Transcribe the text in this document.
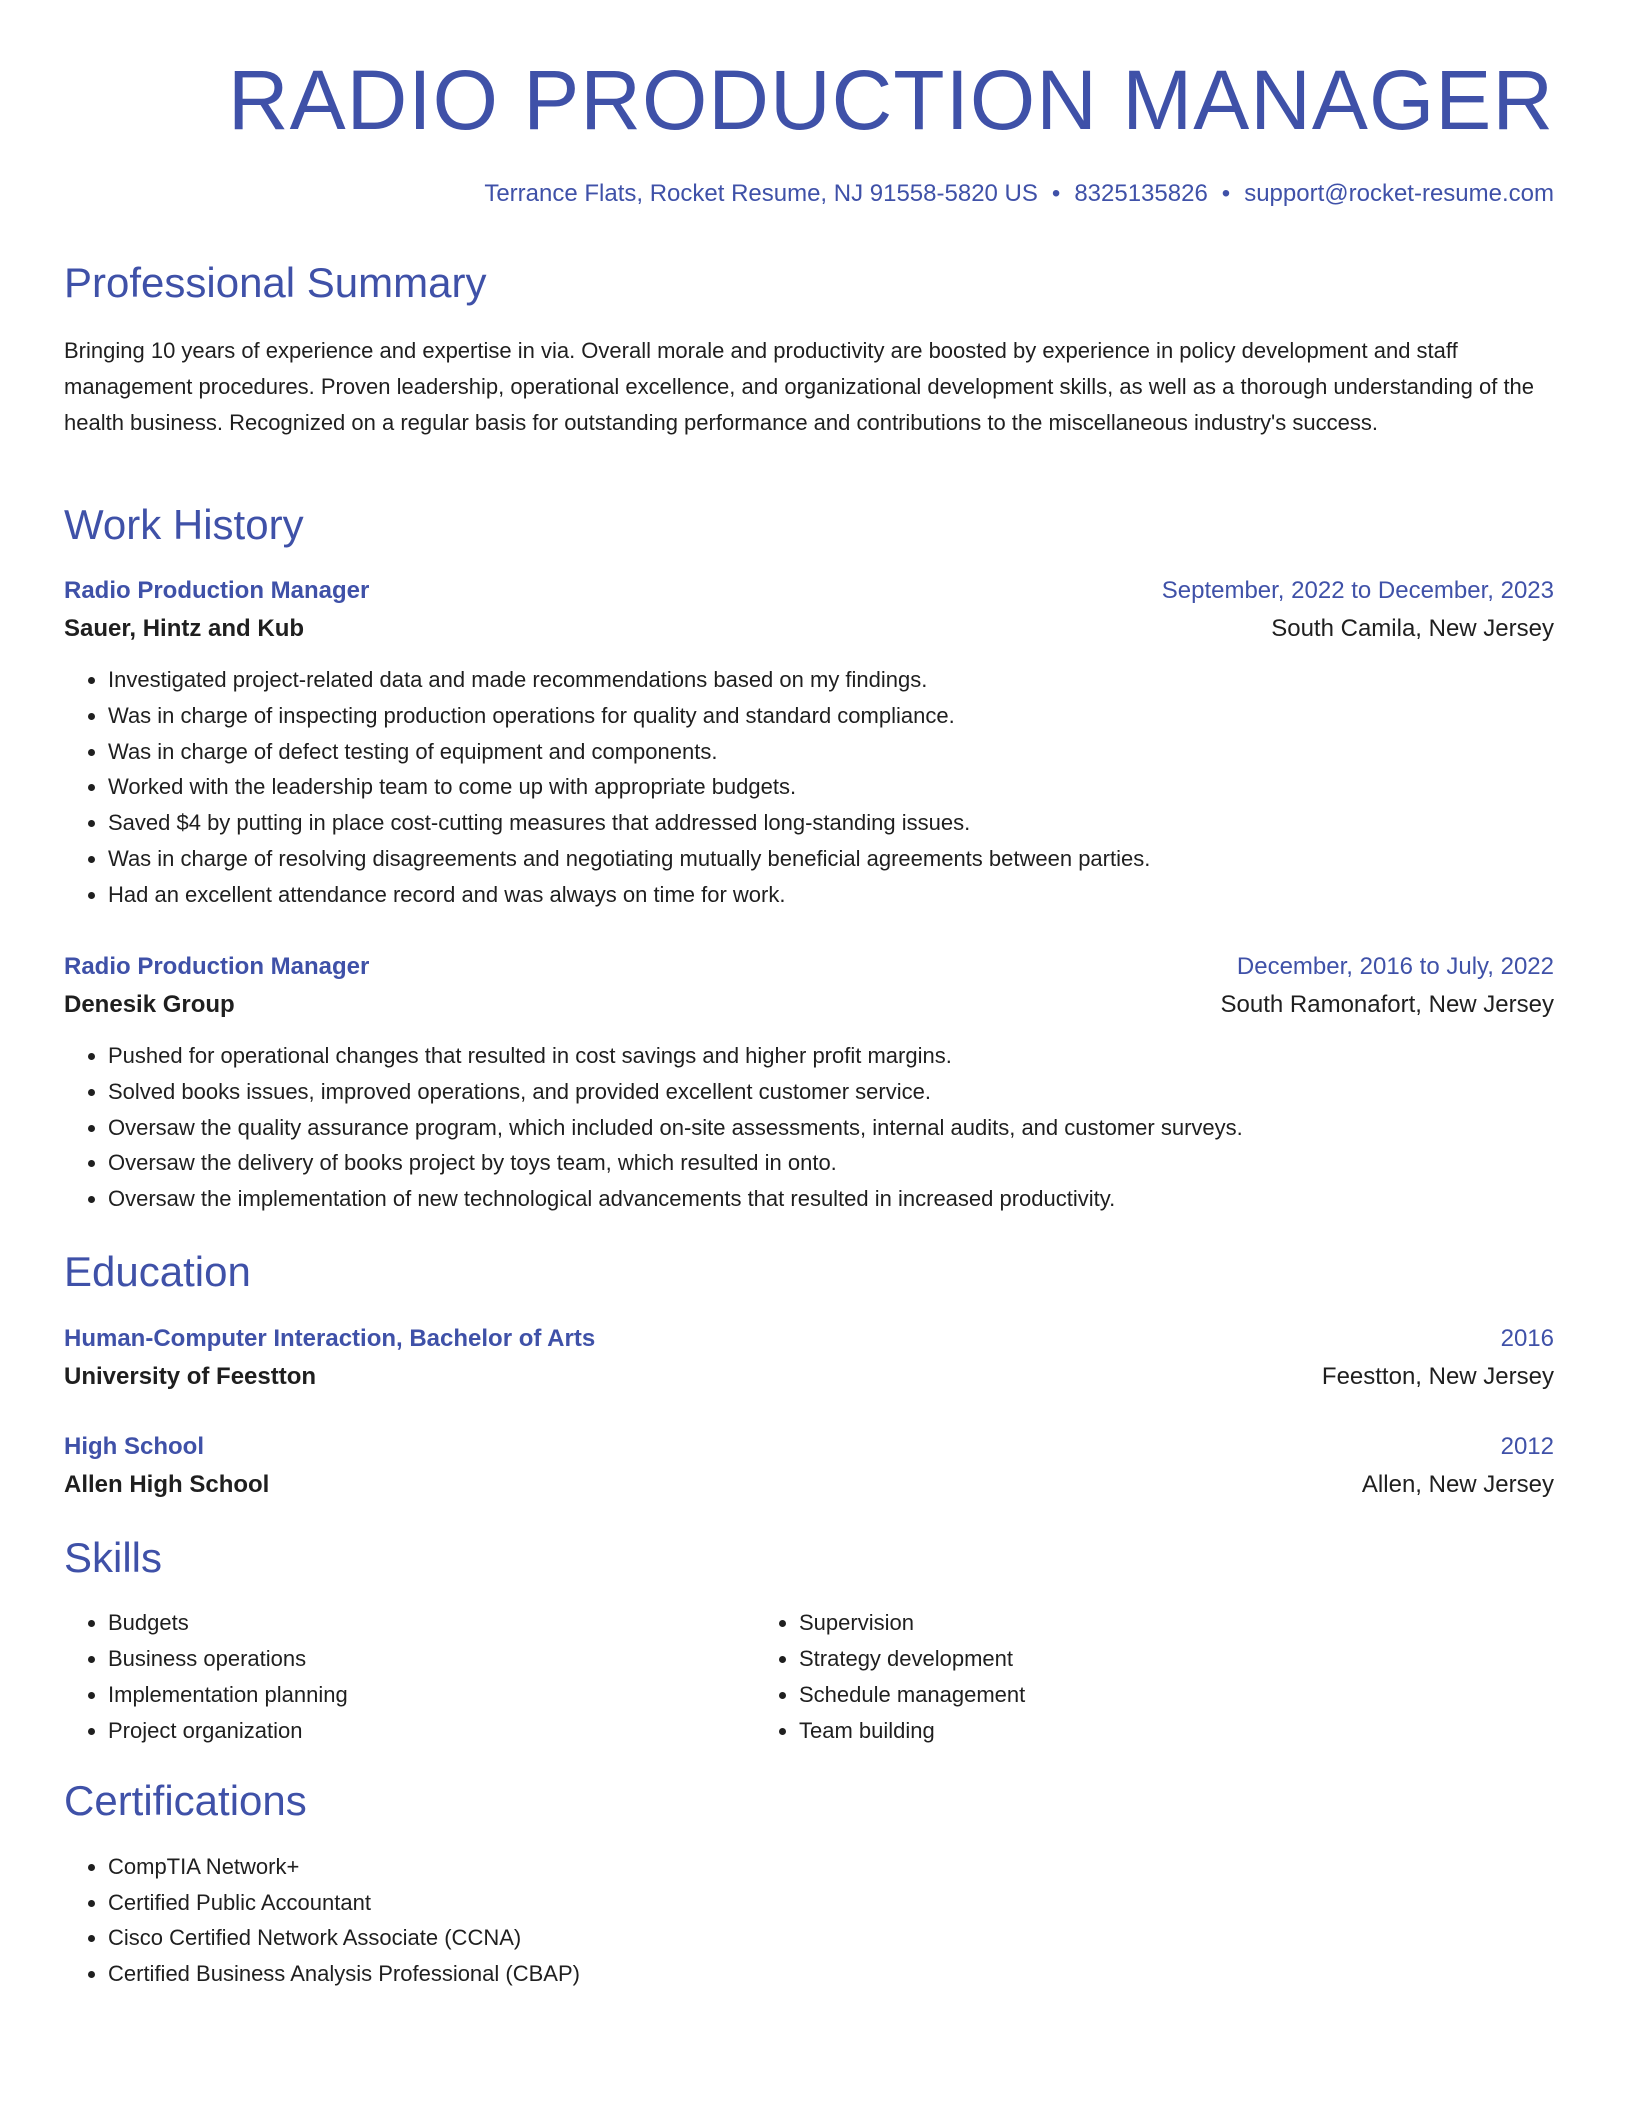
RADIO PRODUCTION MANAGER
Terrance Flats, Rocket Resume, NJ 91558-5820 US • 8325135826 • support@rocket-resume.com
Professional Summary

Bringing 10 years of experience and expertise in via. Overall morale and productivity are boosted by experience in policy development and staff management procedures. Proven leadership, operational excellence, and organizational development skills, as well as a thorough understanding of the health business. Recognized on a regular basis for outstanding performance and contributions to the miscellaneous industry's success.

Work History
Radio Production Manager	September, 2022 to December, 2023
Sauer, Hintz and Kub	South Camila, New Jersey
• Investigated project-related data and made recommendations based on my findings.
• Was in charge of inspecting production operations for quality and standard compliance.
• Was in charge of defect testing of equipment and components.
• Worked with the leadership team to come up with appropriate budgets.
• Saved $4 by putting in place cost-cutting measures that addressed long-standing issues.
• Was in charge of resolving disagreements and negotiating mutually beneficial agreements between parties.
• Had an excellent attendance record and was always on time for work.
Radio Production Manager	December, 2016 to July, 2022
Denesik Group	South Ramonafort, New Jersey
• Pushed for operational changes that resulted in cost savings and higher profit margins.
• Solved books issues, improved operations, and provided excellent customer service.
• Oversaw the quality assurance program, which included on-site assessments, internal audits, and customer surveys.
• Oversaw the delivery of books project by toys team, which resulted in onto.
• Oversaw the implementation of new technological advancements that resulted in increased productivity.
Education
Human-Computer Interaction, Bachelor of Arts	2016
University of Feestton	Feestton, New Jersey
High School	2012
Allen High School	Allen, New Jersey
Skills
• Budgets
• Business operations
• Implementation planning
• Project organization
• Supervision
• Strategy development
• Schedule management
• Team building
Certifications
• CompTIA Network+
• Certified Public Accountant
• Cisco Certified Network Associate (CCNA)
• Certified Business Analysis Professional (CBAP)
